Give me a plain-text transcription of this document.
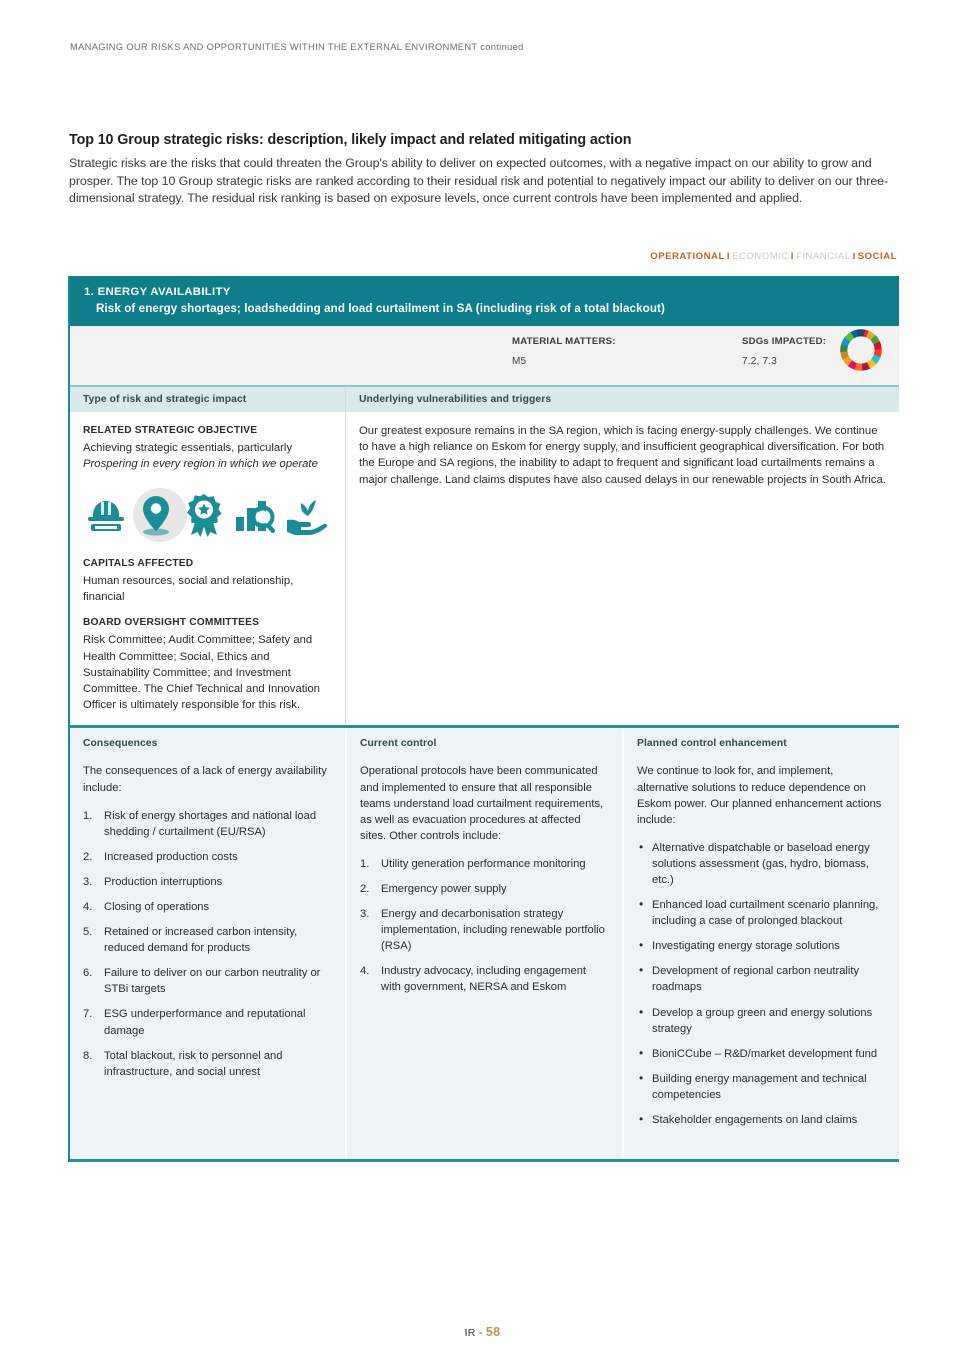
MANAGING OUR RISKS AND OPPORTUNITIES WITHIN THE EXTERNAL ENVIRONMENT continued
Top 10 Group strategic risks: description, likely impact and related mitigating action

Strategic risks are the risks that could threaten the Group's ability to deliver on expected outcomes, with a negative impact on our ability to grow and prosper. The top 10 Group strategic risks are ranked according to their residual risk and potential to negatively impact our ability to deliver on our three-dimensional strategy. The residual risk ranking is based on exposure levels, once current controls have been implemented and applied.

OPERATIONAL I ECONOMIC I FINANCIAL I SOCIAL
1. ENERGY AVAILABILITY
Risk of energy shortages; loadshedding and load curtailment in SA (including risk of a total blackout)
MATERIAL MATTERS:
M5
SDGs IMPACTED:
7.2, 7.3
Type of risk and strategic impact
RELATED STRATEGIC OBJECTIVE
Achieving strategic essentials, particularly
Prospering in every region in which we operate
CAPITALS AFFECTED
Human resources, social and relationship, financial
BOARD OVERSIGHT COMMITTEES
Risk Committee; Audit Committee; Safety and Health Committee; Social, Ethics and Sustainability Committee; and Investment Committee. The Chief Technical and Innovation Officer is ultimately responsible for this risk.
Underlying vulnerabilities and triggers
Our greatest exposure remains in the SA region, which is facing energy-supply challenges. We continue to have a high reliance on Eskom for energy supply, and insufficient geographical diversification. For both the Europe and SA regions, the inability to adapt to frequent and significant load curtailments remains a major challenge. Land claims disputes have also caused delays in our renewable projects in South Africa.
Consequences

The consequences of a lack of energy availability include:

1. Risk of energy shortages and national load shedding / curtailment (EU/RSA)
2. Increased production costs
3. Production interruptions
4. Closing of operations
5. Retained or increased carbon intensity, reduced demand for products
6. Failure to deliver on our carbon neutrality or STBi targets
7. ESG underperformance and reputational damage
8. Total blackout, risk to personnel and infrastructure, and social unrest
Current control

Operational protocols have been communicated and implemented to ensure that all responsible teams understand load curtailment requirements, as well as evacuation procedures at affected sites. Other controls include:

1. Utility generation performance monitoring
2. Emergency power supply
3. Energy and decarbonisation strategy implementation, including renewable portfolio (RSA)
4. Industry advocacy, including engagement with government, NERSA and Eskom
Planned control enhancement

We continue to look for, and implement, alternative solutions to reduce dependence on Eskom power. Our planned enhancement actions include:

• Alternative dispatchable or baseload energy solutions assessment (gas, hydro, biomass, etc.)
• Enhanced load curtailment scenario planning, including a case of prolonged blackout
• Investigating energy storage solutions
• Development of regional carbon neutrality roadmaps
• Develop a group green and energy solutions strategy
• BioniCCube – R&D/market development fund
• Building energy management and technical competencies
• Stakeholder engagements on land claims
IR - 58
